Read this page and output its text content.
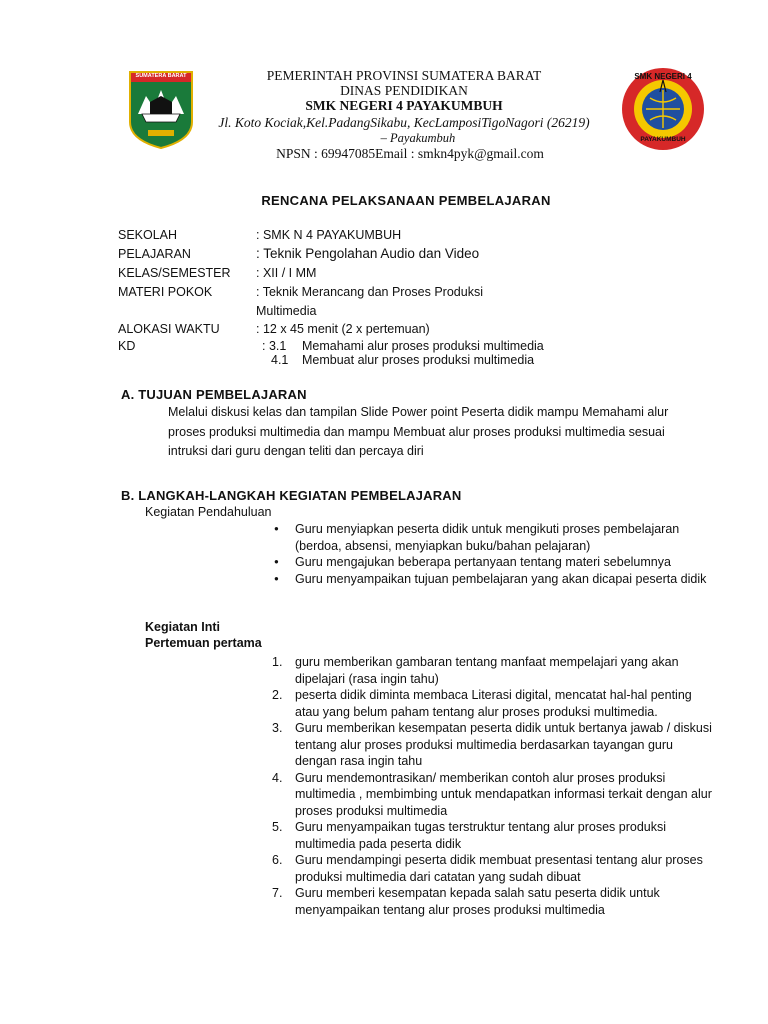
SUMATERA BARAT	SMK NEGERI 4
PAYAKUMBUH
PEMERINTAH PROVINSI SUMATERA BARAT
DINAS PENDIDIKAN
SMK NEGERI 4 PAYAKUMBUH
Jl. Koto Kociak,Kel.PadangSikabu, KecLamposiTigoNagori (26219)
– Payakumbuh
NPSN : 69947085Email : smkn4pyk@gmail.com
RENCANA PELAKSANAAN PEMBELAJARAN
SEKOLAH	: SMK N 4 PAYAKUMBUH
PELAJARAN	: Teknik Pengolahan Audio dan Video
KELAS/SEMESTER : XII / I MM
MATERI POKOK	: Teknik Merancang dan Proses Produksi
Multimedia
ALOKASI WAKTU	: 12 x 45 menit (2 x pertemuan)
KD	: 3.1 Memahami alur proses produksi multimedia
4.1 Membuat alur proses produksi multimedia
A. TUJUAN PEMBELAJARAN
Melalui diskusi kelas dan tampilan Slide Power point Peserta didik mampu Memahami alur
proses produksi multimedia dan mampu Membuat alur proses produksi multimedia sesuai
intruksi dari guru dengan teliti dan percaya diri
B. LANGKAH-LANGKAH KEGIATAN PEMBELAJARAN
Kegiatan Pendahuluan
● Guru menyiapkan peserta didik untuk mengikuti proses pembelajaran (berdoa, absensi, menyiapkan buku/bahan pelajaran)
● Guru mengajukan beberapa pertanyaan tentang materi sebelumnya
● Guru menyampaikan tujuan pembelajaran yang akan dicapai peserta didik
Kegiatan Inti
Pertemuan pertama
1. guru memberikan gambaran tentang manfaat mempelajari yang akan dipelajari (rasa ingin tahu)
2. peserta didik diminta membaca Literasi digital, mencatat hal-hal penting atau yang belum paham tentang alur proses produksi multimedia.
3. Guru memberikan kesempatan peserta didik untuk bertanya jawab / diskusi tentang alur proses produksi multimedia berdasarkan tayangan guru dengan rasa ingin tahu
4. Guru mendemontrasikan/ memberikan contoh alur proses produksi multimedia , membimbing untuk mendapatkan informasi terkait dengan alur proses produksi multimedia
5. Guru menyampaikan tugas terstruktur tentang alur proses produksi multimedia pada peserta didik
6. Guru mendampingi peserta didik membuat presentasi tentang alur proses produksi multimedia dari catatan yang sudah dibuat
7. Guru memberi kesempatan kepada salah satu peserta didik untuk menyampaikan tentang alur proses produksi multimedia
